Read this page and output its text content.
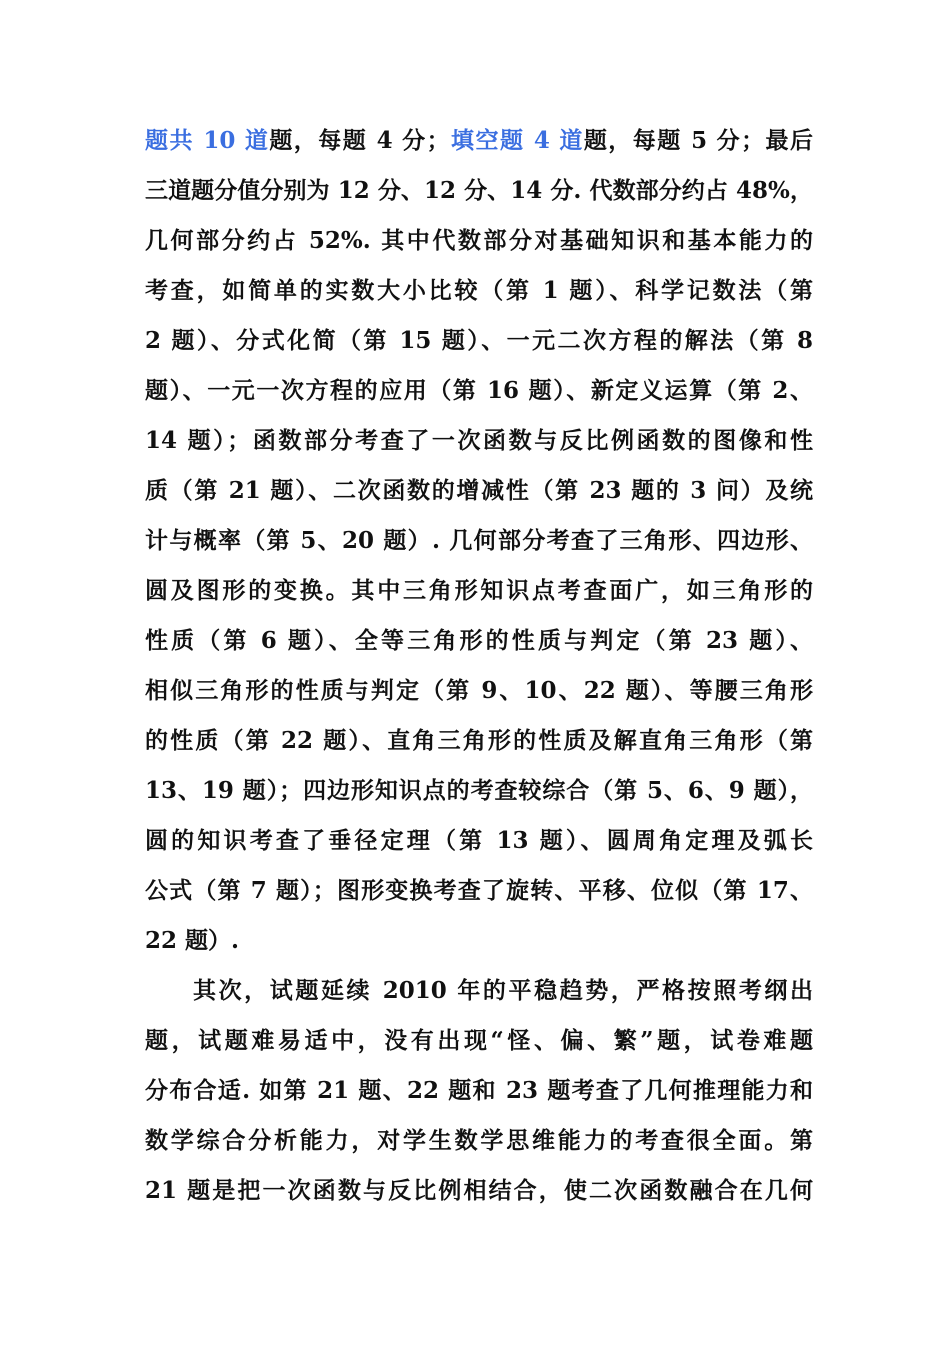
题共 10 道题，每题 4 分；填空题 4 道题，每题 5 分；最后
三道题分值分别为 12 分、12 分、14 分. 代数部分约占 48%，
几何部分约占 52%. 其中代数部分对基础知识和基本能力的
考查，如简单的实数大小比较（第 1 题）、科学记数法（第
2 题）、分式化简（第 15 题）、一元二次方程的解法（第 8
题）、一元一次方程的应用（第 16 题）、新定义运算（第 2、
14 题）；函数部分考查了一次函数与反比例函数的图像和性
质（第 21 题）、二次函数的增减性（第 23 题的 3 问）及统
计与概率（第 5、20 题）. 几何部分考查了三角形、四边形、
圆及图形的变换。其中三角形知识点考查面广，如三角形的
性质（第 6 题）、全等三角形的性质与判定（第 23 题）、
相似三角形的性质与判定（第 9、10、22 题）、等腰三角形
的性质（第 22 题）、直角三角形的性质及解直角三角形（第
13、19 题）；四边形知识点的考查较综合（第 5、6、9 题），
圆的知识考查了垂径定理（第 13 题）、圆周角定理及弧长
公式（第 7 题）；图形变换考查了旋转、平移、位似（第 17、
22 题）.
其次，试题延续 2010 年的平稳趋势，严格按照考纲出
题，试题难易适中，没有出现“怪、偏、繁”题，试卷难题
分布合适. 如第 21 题、22 题和 23 题考查了几何推理能力和
数学综合分析能力，对学生数学思维能力的考查很全面。第
21 题是把一次函数与反比例相结合，使二次函数融合在几何
